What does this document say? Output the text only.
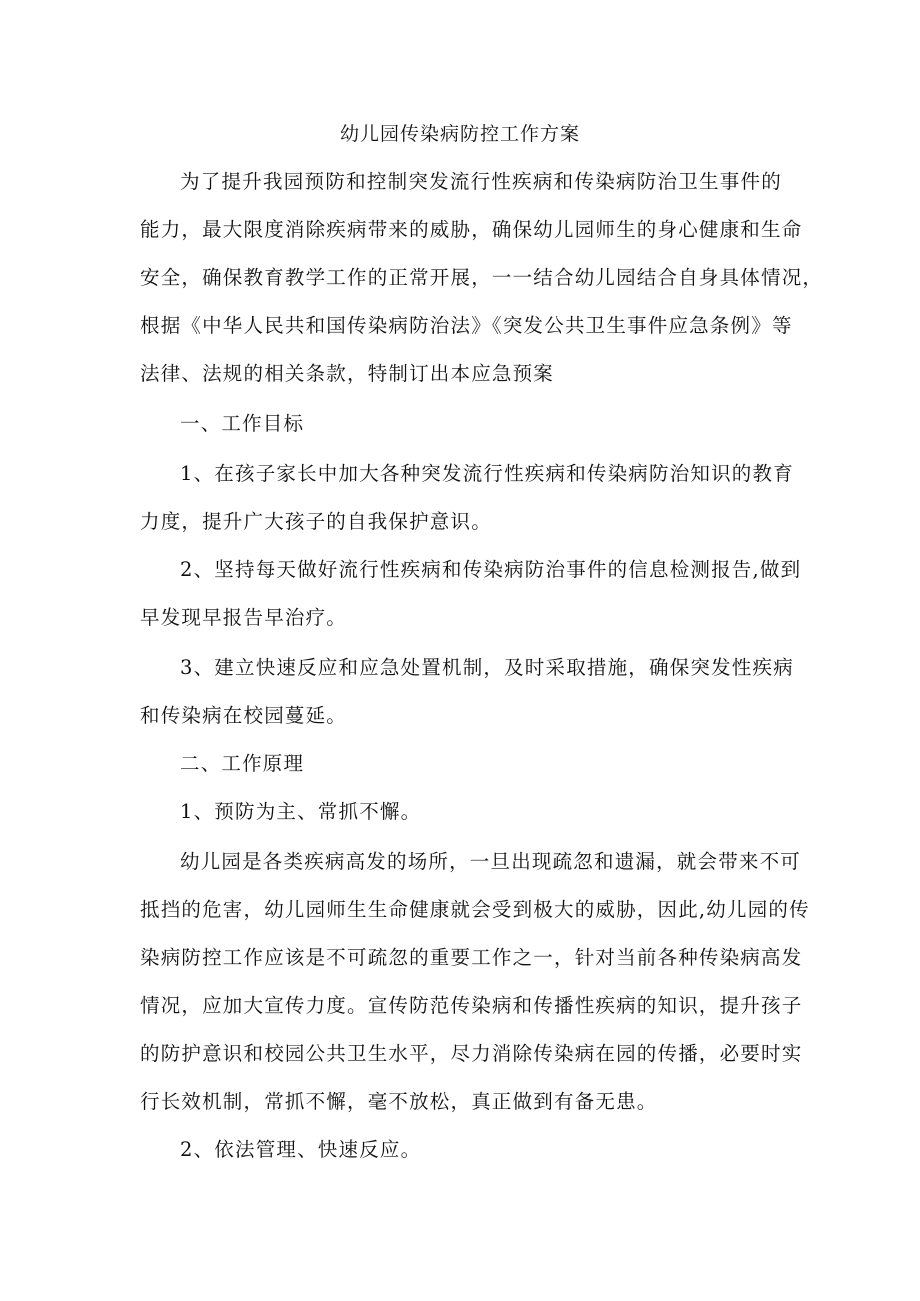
幼儿园传染病防控工作方案
为了提升我园预防和控制突发流行性疾病和传染病防治卫生事件的
能力，最大限度消除疾病带来的威胁，确保幼儿园师生的身心健康和生命
安全，确保教育教学工作的正常开展，一一结合幼儿园结合自身具体情况，
根据《中华人民共和国传染病防治法》《突发公共卫生事件应急条例》等
法律、法规的相关条款，特制订出本应急预案
一、工作目标
1、在孩子家长中加大各种突发流行性疾病和传染病防治知识的教育
力度，提升广大孩子的自我保护意识。
2、坚持每天做好流行性疾病和传染病防治事件的信息检测报告,做到
早发现早报告早治疗。
3、建立快速反应和应急处置机制，及时采取措施，确保突发性疾病
和传染病在校园蔓延。
二、工作原理
1、预防为主、常抓不懈。
幼儿园是各类疾病高发的场所，一旦出现疏忽和遗漏，就会带来不可
抵挡的危害，幼儿园师生生命健康就会受到极大的威胁，因此,幼儿园的传
染病防控工作应该是不可疏忽的重要工作之一，针对当前各种传染病高发
情况，应加大宣传力度。宣传防范传染病和传播性疾病的知识，提升孩子
的防护意识和校园公共卫生水平，尽力消除传染病在园的传播，必要时实
行长效机制，常抓不懈，毫不放松，真正做到有备无患。
2、依法管理、快速反应。
